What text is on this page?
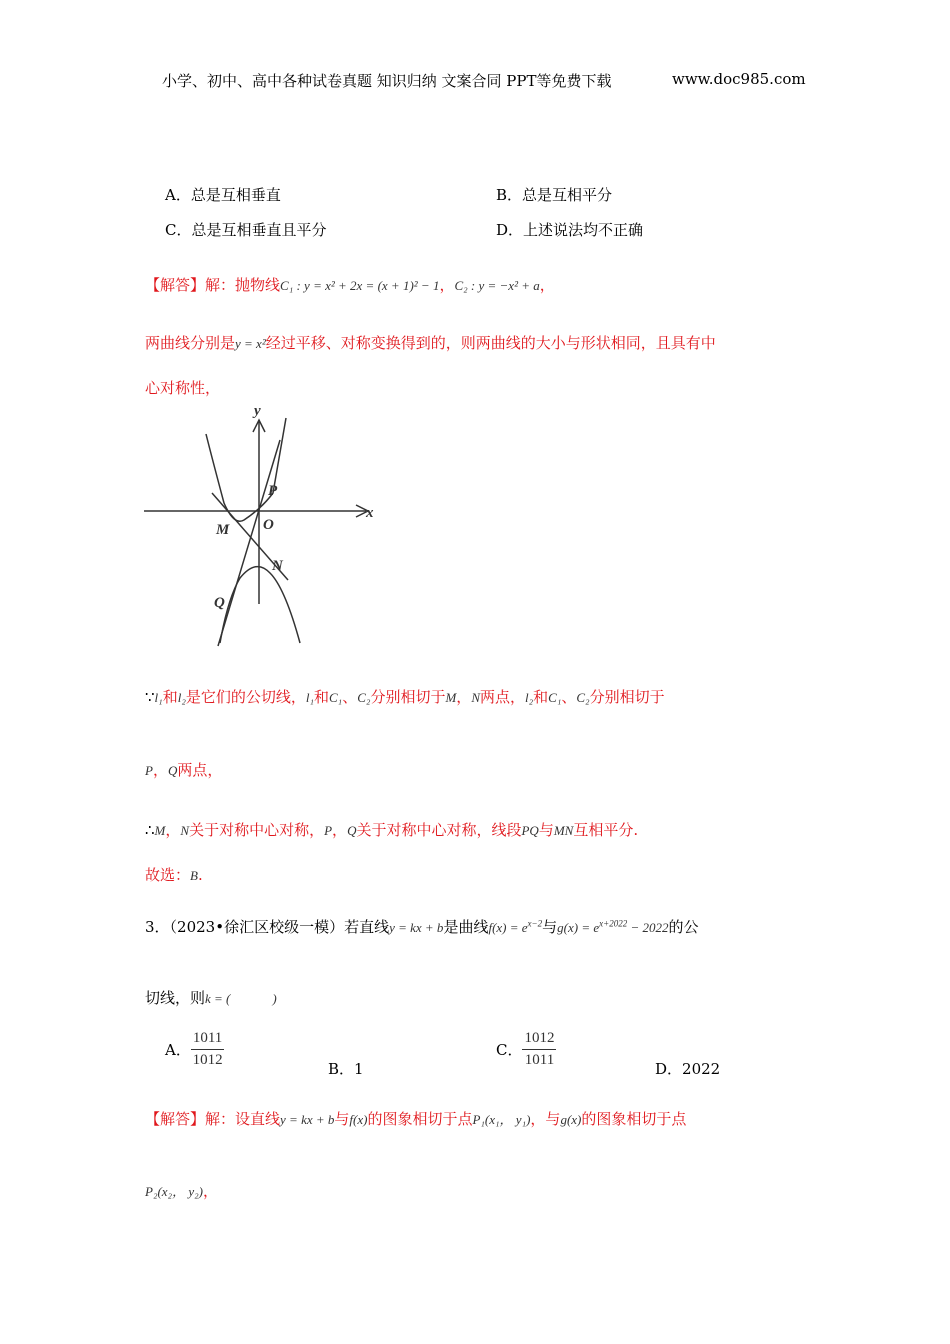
小学、初中、高中各种试卷真题 知识归纳 文案合同 PPT等免费下载	www.doc985.com
A．总是互相垂直	B．总是互相平分
C．总是互相垂直且平分	D．上述说法均不正确
【解答】解：抛物线C₁ : y = x² + 2x = (x + 1)² − 1，C₂ : y = −x² + a，
两曲线分别是y = x²经过平移、对称变换得到的，则两曲线的大小与形状相同，且具有中
心对称性，
y
x
P
O
M
N
Q
∵l₁和l₂是它们的公切线，l₁和C₁、C₂分别相切于M，N两点，l₂和C₁、C₂分别相切于
P，Q两点，
∴M，N关于对称中心对称，P，Q关于对称中心对称，线段PQ与MN互相平分.
故选：B.
3．（2023•徐汇区校级一模）若直线y = kx + b是曲线$f(x) = e^{x-2}$与$g(x) = e^{x+2022} - 2022$的公
切线，则k = (	)
A． $\frac{1011}{1012}$	B．1
C． $\frac{1012}{1011}$	D．2022
【解答】解：设直线y = kx + b与f(x)的图象相切于点P₁(x₁， y₁)，与g(x)的图象相切于点
P₂(x₂， y₂)，
